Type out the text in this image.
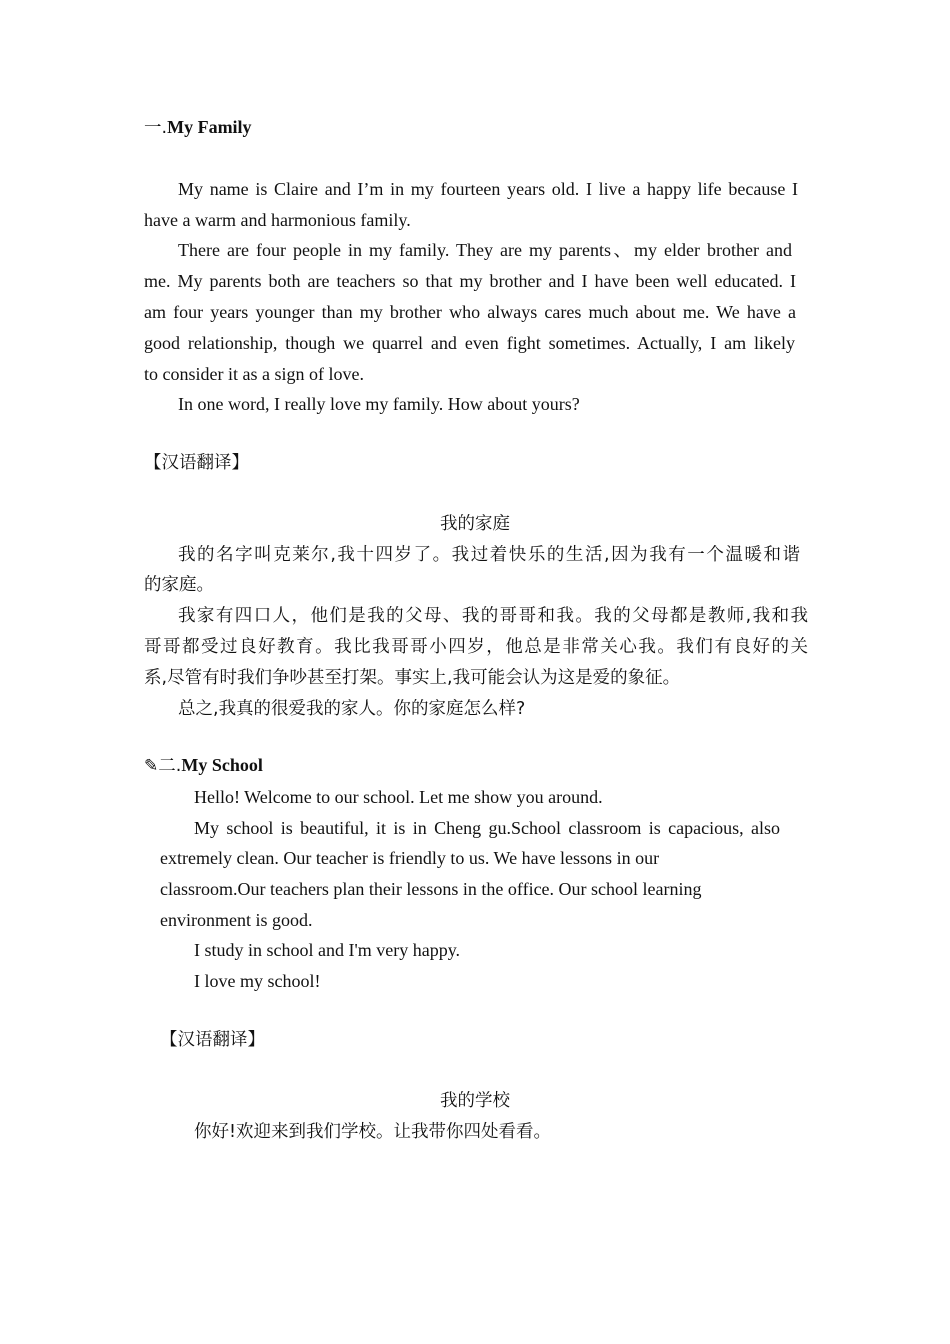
一.My Family
My name is Claire and I’m in my fourteen years old. I live a happy life because I
have a warm and harmonious family.
There are four people in my family. They are my parents、my elder brother and
me. My parents both are teachers so that my brother and I have been well educated. I
am four years younger than my brother who always cares much about me. We have a
good relationship, though we quarrel and even fight sometimes. Actually, I am likely
to consider it as a sign of love.
In one word, I really love my family. How about yours?
【汉语翻译】
我的家庭
我的名字叫克莱尔,我十四岁了。我过着快乐的生活,因为我有一个温暖和谐
的家庭。
我家有四口人，他们是我的父母、我的哥哥和我。我的父母都是教师,我和我
哥哥都受过良好教育。我比我哥哥小四岁，他总是非常关心我。我们有良好的关
系,尽管有时我们争吵甚至打架。事实上,我可能会认为这是爱的象征。
总之,我真的很爱我的家人。你的家庭怎么样?
✎二.My School
Hello! Welcome to our school. Let me show you around.
My school is beautiful, it is in Cheng gu.School classroom is capacious, also
extremely clean. Our teacher is friendly to us. We have lessons in our
classroom.Our teachers plan their lessons in the office. Our school learning
environment is good.
I study in school and I'm very happy.
I love my school!
【汉语翻译】
我的学校
你好!欢迎来到我们学校。让我带你四处看看。
